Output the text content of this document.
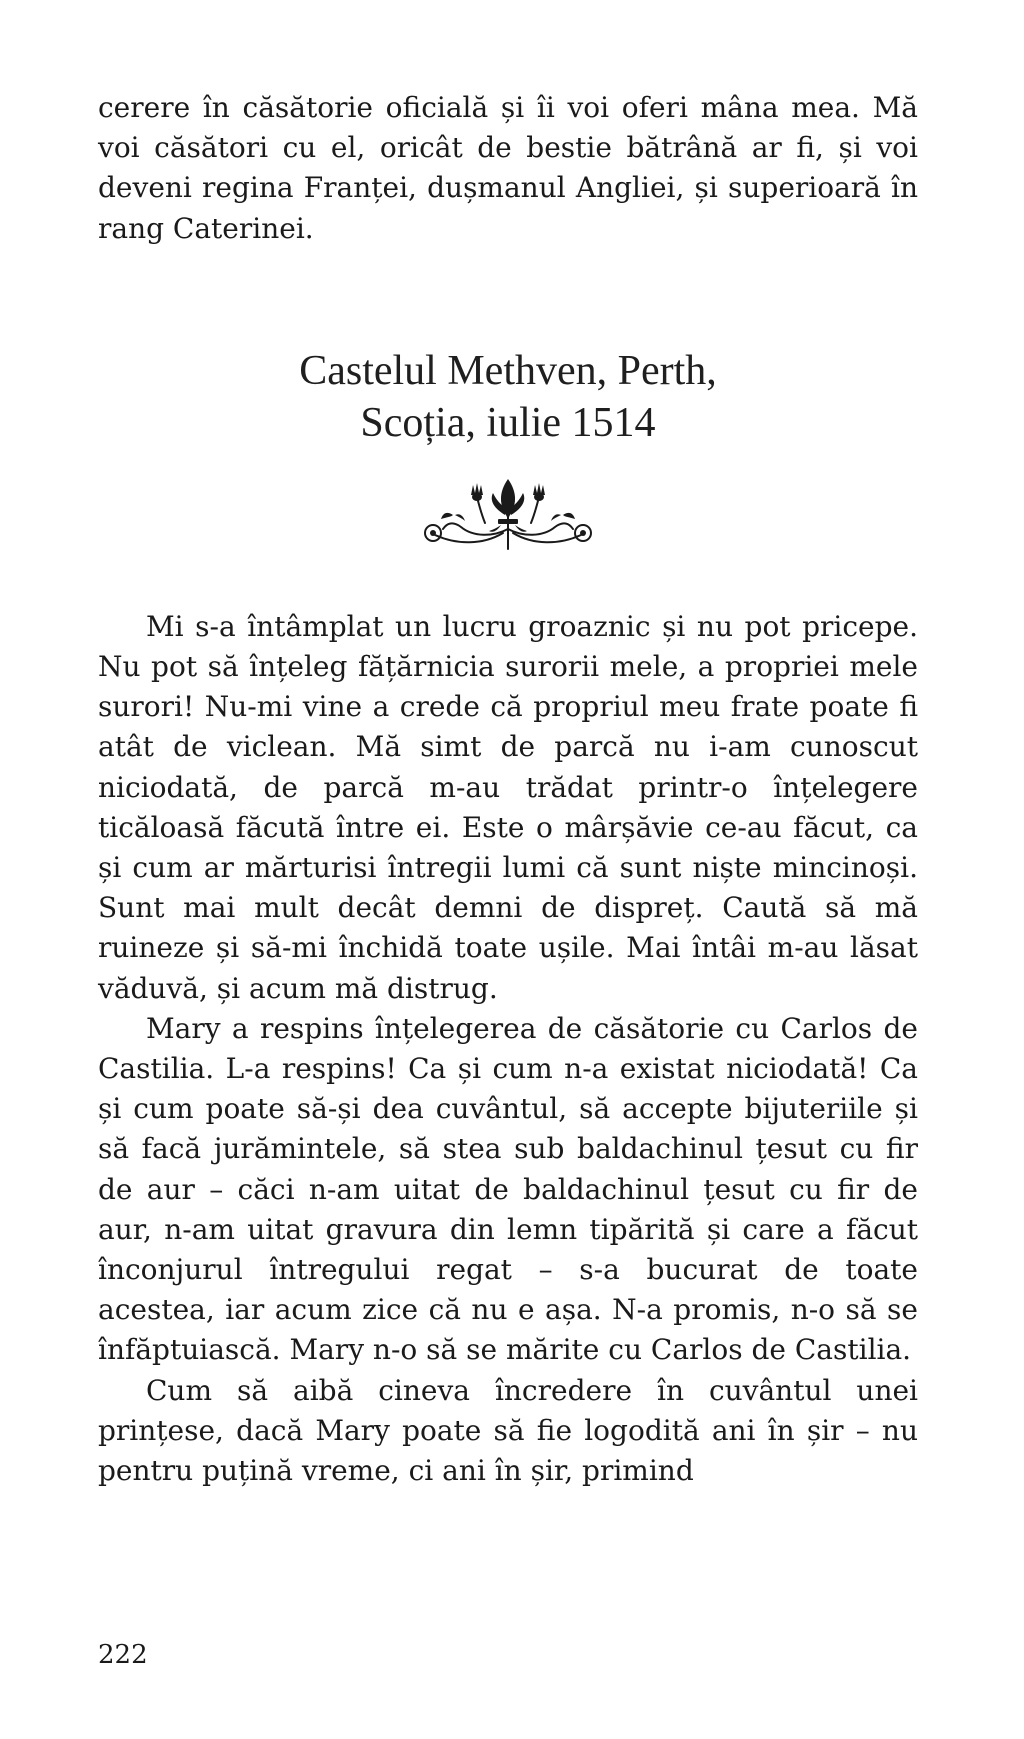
cerere în căsătorie oficială și îi voi oferi mâna mea. Mă voi căsători cu el, oricât de bestie bătrână ar fi, și voi deveni regina Franței, dușmanul Angliei, și superioară în rang Caterinei.

Castelul Methven, Perth,
Scoția, iulie 1514

Mi s-a întâmplat un lucru groaznic și nu pot pricepe. Nu pot să înțeleg fățărnicia surorii mele, a propriei mele surori! Nu-mi vine a crede că propriul meu frate poate fi atât de viclean. Mă simt de parcă nu i-am cunoscut niciodată, de parcă m-au trădat printr-o înțelegere ticăloasă făcută între ei. Este o mârșăvie ce-au făcut, ca și cum ar mărturisi întregii lumi că sunt niște mincinoși. Sunt mai mult decât demni de dispreț. Caută să mă ruineze și să-mi închidă toate ușile. Mai întâi m-au lăsat văduvă, și acum mă distrug.

Mary a respins înțelegerea de căsătorie cu Carlos de Castilia. L-a respins! Ca și cum n-a existat niciodată! Ca și cum poate să-și dea cuvântul, să accepte bijuteriile și să facă jurămintele, să stea sub baldachinul țesut cu fir de aur – căci n-am uitat de baldachinul țesut cu fir de aur, n-am uitat gravura din lemn tipărită și care a făcut înconjurul întregului regat – s-a bucurat de toate acestea, iar acum zice că nu e așa. N-a promis, n-o să se înfăptuiască. Mary n-o să se mărite cu Carlos de Castilia.

Cum să aibă cineva încredere în cuvântul unei prințese, dacă Mary poate să fie logodită ani în șir – nu pentru puțină vreme, ci ani în șir, primind

222
